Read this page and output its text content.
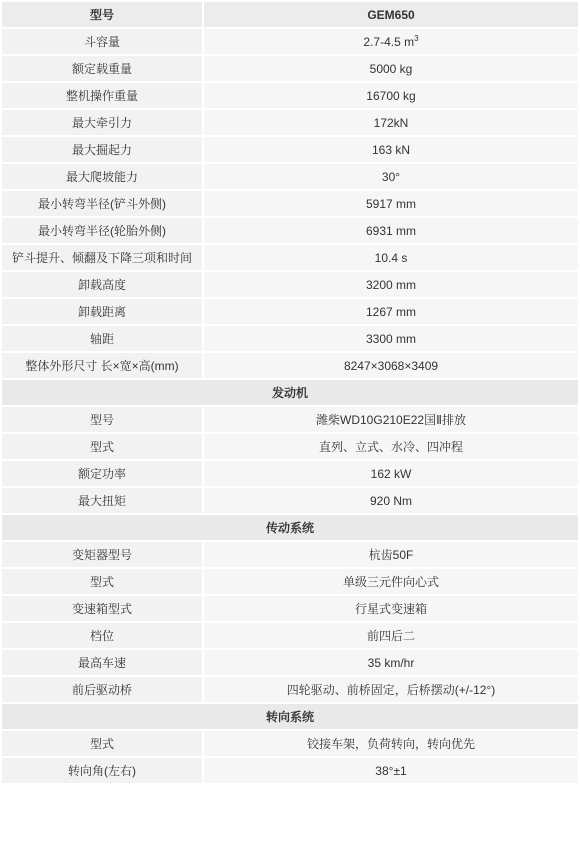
型号	GEM650
斗容量	2.7-4.5 $m^3$
额定载重量	5000 kg
整机操作重量	16700 kg
最大牵引力	172kN
最大掘起力	163 kN
最大爬坡能力	30°
最小转弯半径(铲斗外侧)	5917 mm
最小转弯半径(轮胎外侧)	6931 mm
铲斗提升、倾翻及下降三项和时间	10.4 s
卸载高度	3200 mm
卸载距离	1267 mm
轴距	3300 mm
整体外形尺寸 长×宽×高(mm)	8247×3068×3409
发动机	
型号	潍柴WD10G210E22国Ⅱ排放
型式	直列、立式、水冷、四冲程
额定功率	162 kW
最大扭矩	920 Nm
传动系统	
变矩器型号	杭齿50F
型式	单级三元件向心式
变速箱型式	行星式变速箱
档位	前四后二
最高车速	35 km/hr
前后驱动桥	四轮驱动、前桥固定，后桥摆动(+/-12°)
转向系统	
型式	铰接车架，负荷转向，转向优先
转向角(左右)	38°±1
